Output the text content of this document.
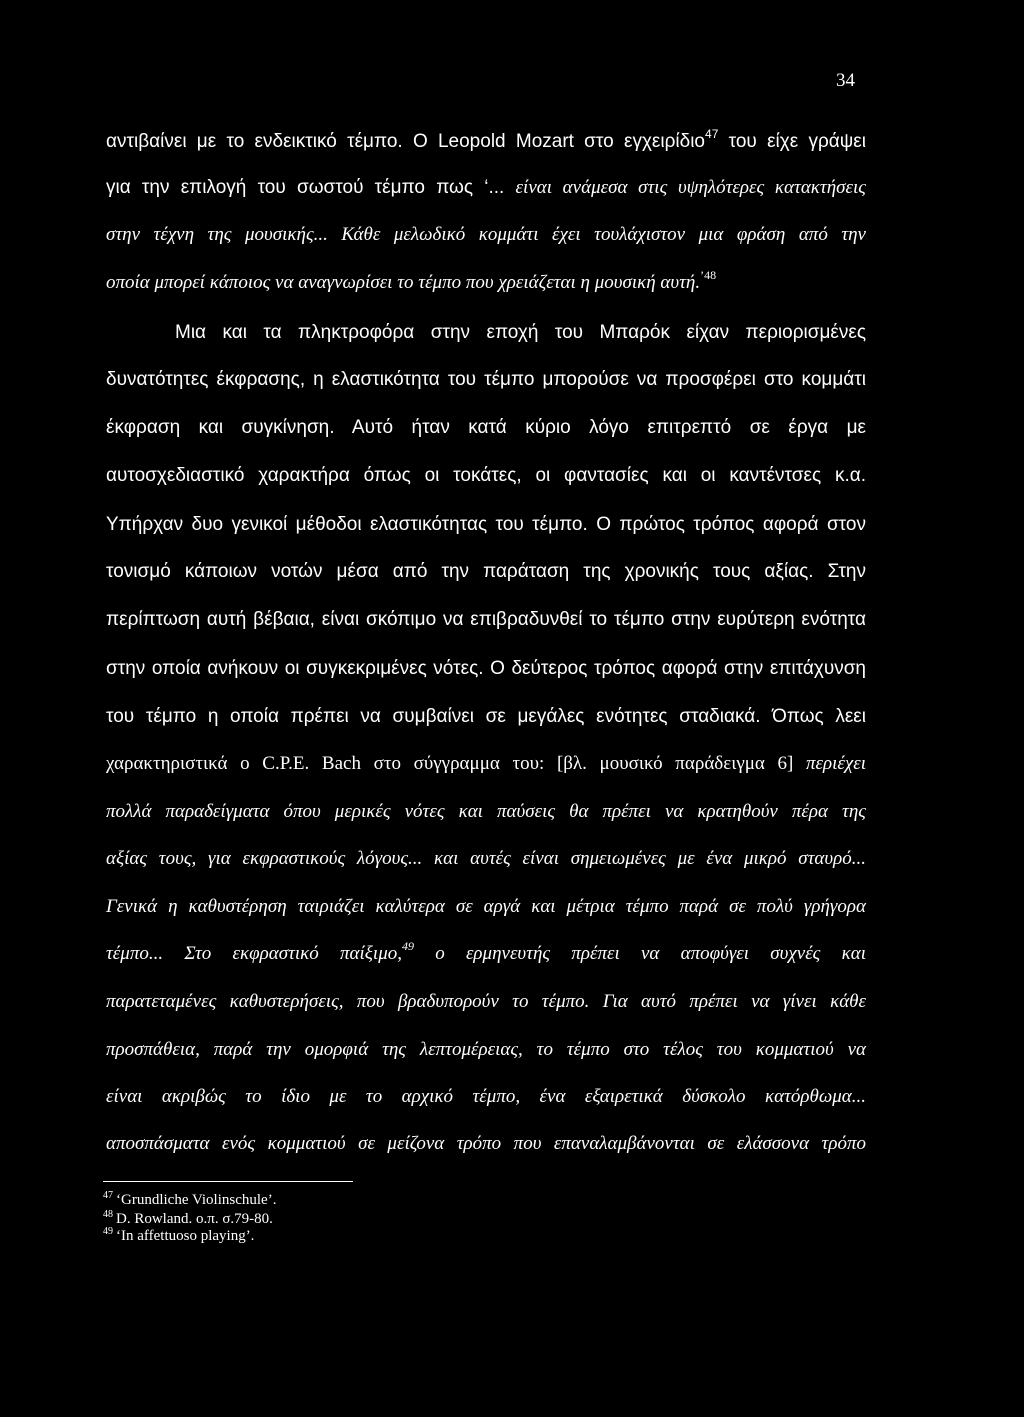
34
αντιβαίνει με το ενδεικτικό τέμπο. Ο Leopold Mozart στο εγχειρίδιο$^{47}$ του είχε γράψει
για την επιλογή του σωστού τέμπο πως ‘... είναι ανάμεσα στις υψηλότερες κατακτήσεις
στην τέχνη της μουσικής... Κάθε μελωδικό κομμάτι έχει τουλάχιστον μια φράση από την
οποία μπορεί κάποιος να αναγνωρίσει το τέμπο που χρειάζεται η μουσική αυτή.$^{’48}$
Μια και τα πληκτροφόρα στην εποχή του Μπαρόκ είχαν περιορισμένες
δυνατότητες έκφρασης, η ελαστικότητα του τέμπο μπορούσε να προσφέρει στο κομμάτι
έκφραση και συγκίνηση. Αυτό ήταν κατά κύριο λόγο επιτρεπτό σε έργα με
αυτοσχεδιαστικό χαρακτήρα όπως οι τοκάτες, οι φαντασίες και οι καντέντσες κ.α.
Υπήρχαν δυο γενικοί μέθοδοι ελαστικότητας του τέμπο. Ο πρώτος τρόπος αφορά στον
τονισμό κάποιων νοτών μέσα από την παράταση της χρονικής τους αξίας. Στην
περίπτωση αυτή βέβαια, είναι σκόπιμο να επιβραδυνθεί το τέμπο στην ευρύτερη ενότητα
στην οποία ανήκουν οι συγκεκριμένες νότες. Ο δεύτερος τρόπος αφορά στην επιτάχυνση
του τέμπο η οποία πρέπει να συμβαίνει σε μεγάλες ενότητες σταδιακά. Όπως λεει
χαρακτηριστικά ο C.P.E. Bach στο σύγγραμμα του: [βλ. μουσικό παράδειγμα 6] περιέχει
πολλά παραδείγματα όπου μερικές νότες και παύσεις θα πρέπει να κρατηθούν πέρα της
αξίας τους, για εκφραστικούς λόγους... και αυτές είναι σημειωμένες με ένα μικρό σταυρό...
Γενικά η καθυστέρηση ταιριάζει καλύτερα σε αργά και μέτρια τέμπο παρά σε πολύ γρήγορα
τέμπο... Στο εκφραστικό παίξιμο,$^{49}$ ο ερμηνευτής πρέπει να αποφύγει συχνές και
παρατεταμένες καθυστερήσεις, που βραδυπορούν το τέμπο. Για αυτό πρέπει να γίνει κάθε
προσπάθεια, παρά την ομορφιά της λεπτομέρειας, το τέμπο στο τέλος του κομματιού να
είναι ακριβώς το ίδιο με το αρχικό τέμπο, ένα εξαιρετικά δύσκολο κατόρθωμα...
αποσπάσματα ενός κομματιού σε μείζονα τρόπο που επαναλαμβάνονται σε ελάσσονα τρόπο
$^{47}$ ‘Grundliche Violinschule’.
$^{48}$ D. Rowland. ο.π. σ.79-80.
$^{49}$ ‘In affettuoso playing’.
